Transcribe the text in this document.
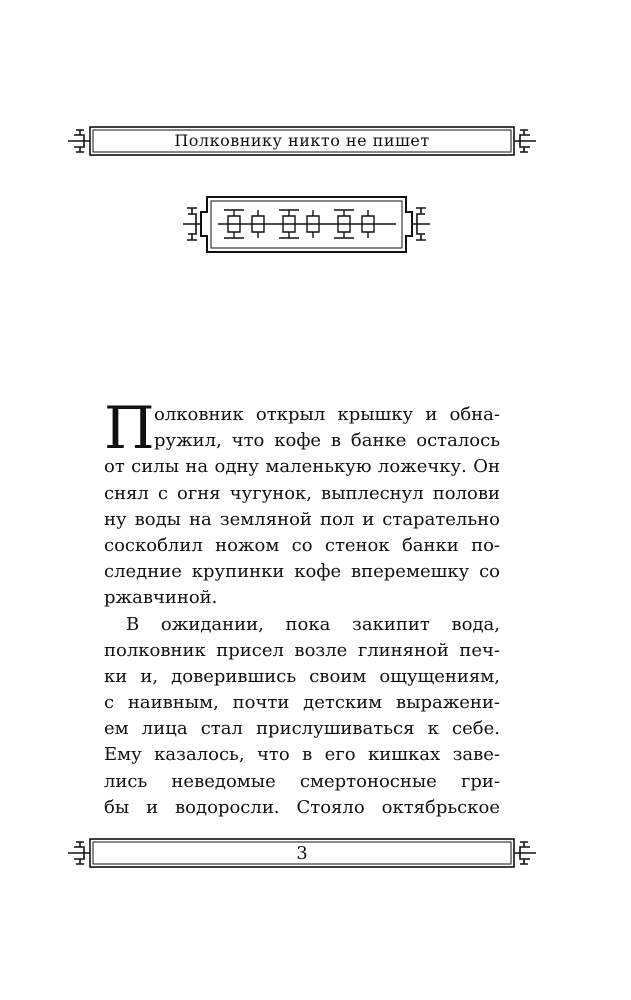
Полковнику никто не пишет
П олковник открыл крышку и обна-
ружил, что кофе в банке осталось
от силы на одну маленькую ложечку. Он
снял с огня чугунок, выплеснул полови
ну воды на земляной пол и старательно
соскоблил ножом со стенок банки по-
следние крупинки кофе вперемешку со
ржавчиной.
В ожидании, пока закипит вода,
полковник присел возле глиняной печ-
ки и, доверившись своим ощущениям,
с наивным, почти детским выражени-
ем лица стал прислушиваться к себе.
Ему казалось, что в его кишках заве-
лись неведомые смертоносные гри-
бы и водоросли. Стояло октябрьское
3
